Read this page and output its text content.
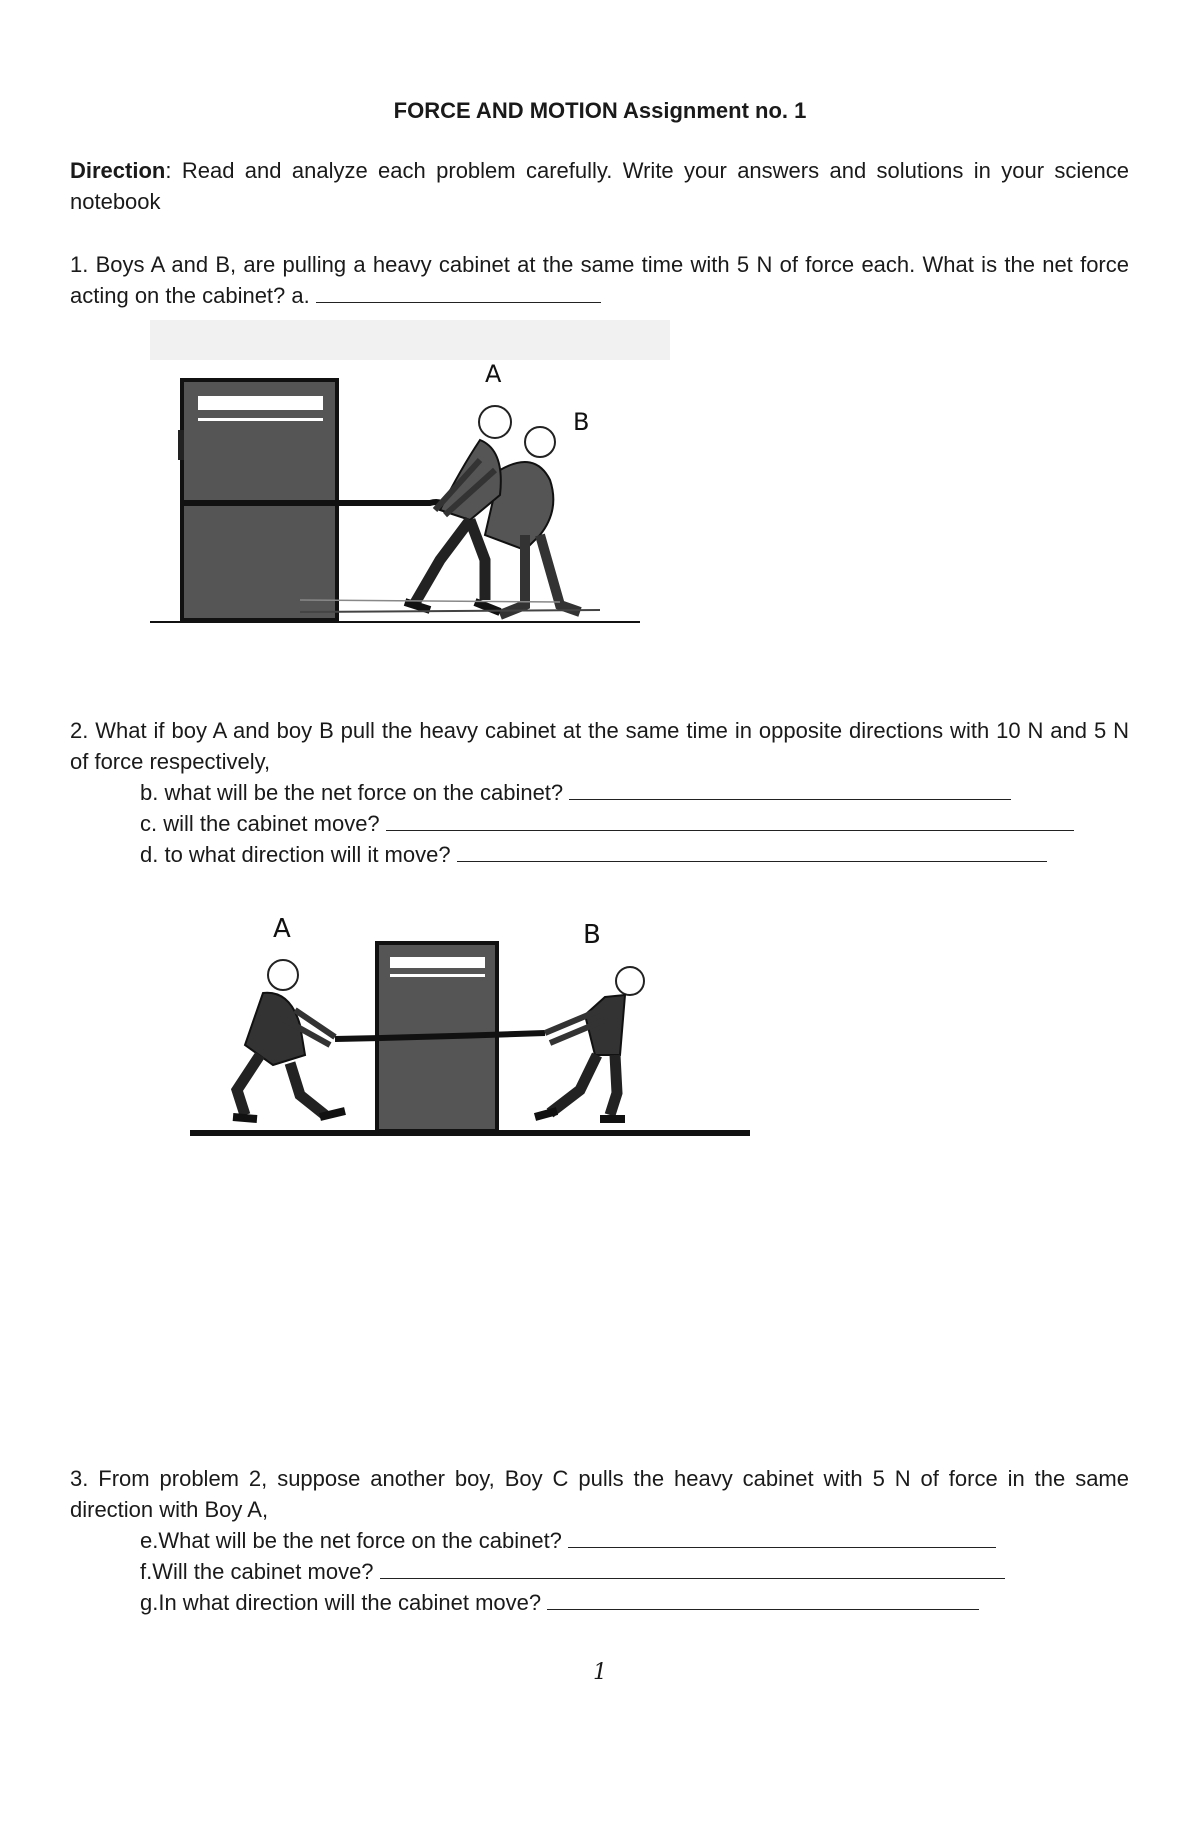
FORCE AND MOTION Assignment no. 1
Direction: Read and analyze each problem carefully. Write your answers and solutions in your science notebook
1. Boys A and B, are pulling a heavy cabinet at the same time with 5 N of force each. What is the net force acting on the cabinet? a.
A
B
2. What if boy A and boy B pull the heavy cabinet at the same time in opposite directions with 10 N and 5 N of force respectively,
b. what will be the net force on the cabinet?
c. will the cabinet move?
d. to what direction will it move?
A	B
3. From problem 2, suppose another boy, Boy C pulls the heavy cabinet with 5 N of force in the same direction with Boy A,
e.What will be the net force on the cabinet?
f.Will the cabinet move?
g.In what direction will the cabinet move?
1
